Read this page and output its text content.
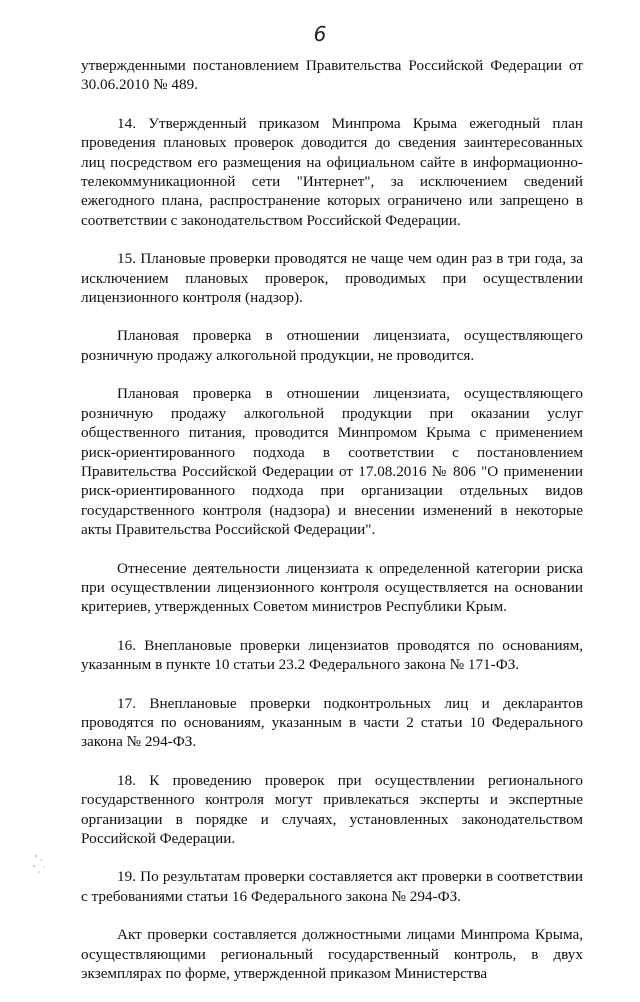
6

утвержденными постановлением Правительства Российской Федерации от 30.06.2010 № 489.

14. Утвержденный приказом Минпрома Крыма ежегодный план проведения плановых проверок доводится до сведения заинтересованных лиц посредством его размещения на официальном сайте в информационно-телекоммуникационной сети "Интернет", за исключением сведений ежегодного плана, распространение которых ограничено или запрещено в соответствии с законодательством Российской Федерации.

15. Плановые проверки проводятся не чаще чем один раз в три года, за исключением плановых проверок, проводимых при осуществлении лицензионного контроля (надзор).

Плановая проверка в отношении лицензиата, осуществляющего розничную продажу алкогольной продукции, не проводится.

Плановая проверка в отношении лицензиата, осуществляющего розничную продажу алкогольной продукции при оказании услуг общественного питания, проводится Минпромом Крыма с применением риск-ориентированного подхода в соответствии с постановлением Правительства Российской Федерации от 17.08.2016 № 806 "О применении риск-ориентированного подхода при организации отдельных видов государственного контроля (надзора) и внесении изменений в некоторые акты Правительства Российской Федерации".

Отнесение деятельности лицензиата к определенной категории риска при осуществлении лицензионного контроля осуществляется на основании критериев, утвержденных Советом министров Республики Крым.

16. Внеплановые проверки лицензиатов проводятся по основаниям, указанным в пункте 10 статьи 23.2 Федерального закона № 171-ФЗ.

17. Внеплановые проверки подконтрольных лиц и декларантов проводятся по основаниям, указанным в части 2 статьи 10 Федерального закона № 294-ФЗ.

18. К проведению проверок при осуществлении регионального государственного контроля могут привлекаться эксперты и экспертные организации в порядке и случаях, установленных законодательством Российской Федерации.

19. По результатам проверки составляется акт проверки в соответствии с требованиями статьи 16 Федерального закона № 294-ФЗ.

Акт проверки составляется должностными лицами Минпрома Крыма, осуществляющими региональный государственный контроль, в двух экземплярах по форме, утвержденной приказом Министерства
